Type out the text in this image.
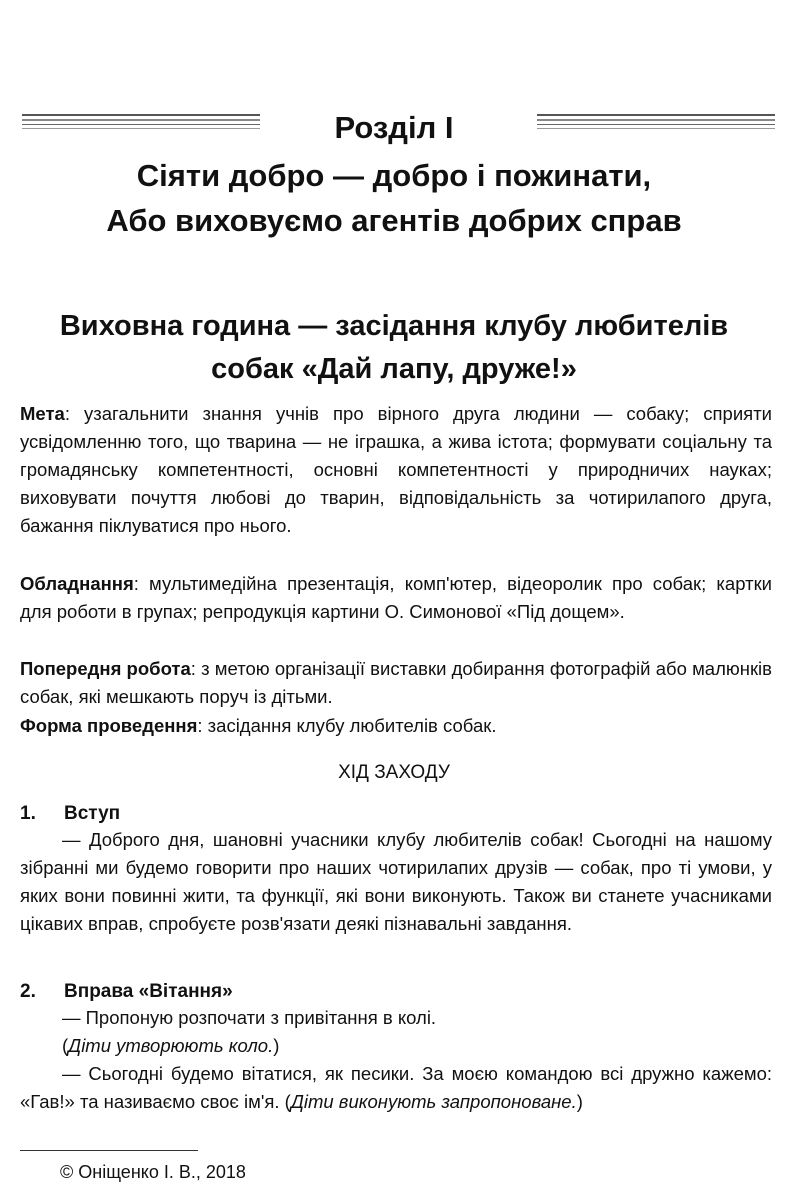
Розділ І
Сіяти добро — добро і пожинати,
Або виховуємо агентів добрих справ
Виховна година — засідання клубу любителів
собак «Дай лапу, друже!»
Мета: узагальнити знання учнів про вірного друга людини — собаку; сприяти усвідомленню того, що тварина — не іграшка, а жива істота; формувати соціальну та громадянську компетентності, основні компетентності у природничих науках; виховувати почуття любові до тварин, відповідальність за чотирилапого друга, бажання піклуватися про нього.
Обладнання: мультимедійна презентація, комп'ютер, відеоролик про собак; картки для роботи в групах; репродукція картини О. Симонової «Під дощем».
Попередня робота: з метою організації виставки добирання фотографій або малюнків собак, які мешкають поруч із дітьми.
Форма проведення: засідання клубу любителів собак.
ХІД ЗАХОДУ
1. Вступ
— Доброго дня, шановні учасники клубу любителів собак! Сьогодні на нашому зібранні ми будемо говорити про наших чотирилапих друзів — собак, про ті умови, у яких вони повинні жити, та функції, які вони виконують. Також ви станете учасниками цікавих вправ, спробуєте розв'язати деякі пізнавальні завдання.
2. Вправа «Вітання»
— Пропоную розпочати з привітання в колі.
(Діти утворюють коло.)
— Сьогодні будемо вітатися, як песики. За моєю командою всі дружно кажемо: «Гав!» та називаємо своє ім'я. (Діти виконують запропоноване.)
© Оніщенко І. В., 2018
